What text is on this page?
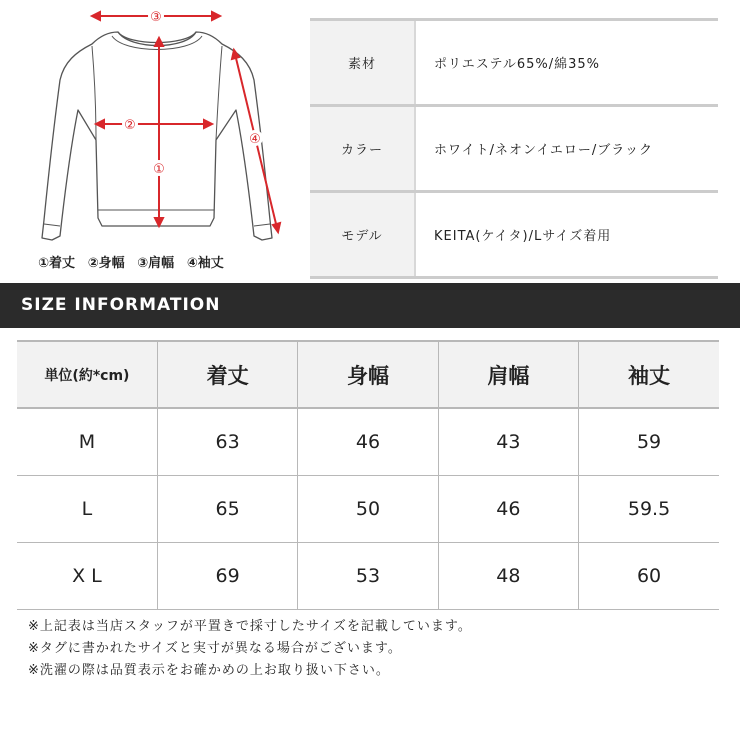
③
②
①
④
①着丈 ②身幅 ③肩幅 ④袖丈
素材	ポリエステル65%/綿35%
カラー	ホワイト/ネオンイエロー/ブラック
モデル	KEITA(ケイタ)/Lサイズ着用
SIZE INFORMATION
単位(約*cm)	着丈	身幅	肩幅	袖丈
M	63	46	43	59
L	65	50	46	59.5
X L	69	53	48	60
※上記表は当店スタッフが平置きで採寸したサイズを記載しています。
※タグに書かれたサイズと実寸が異なる場合がございます。
※洗濯の際は品質表示をお確かめの上お取り扱い下さい。
